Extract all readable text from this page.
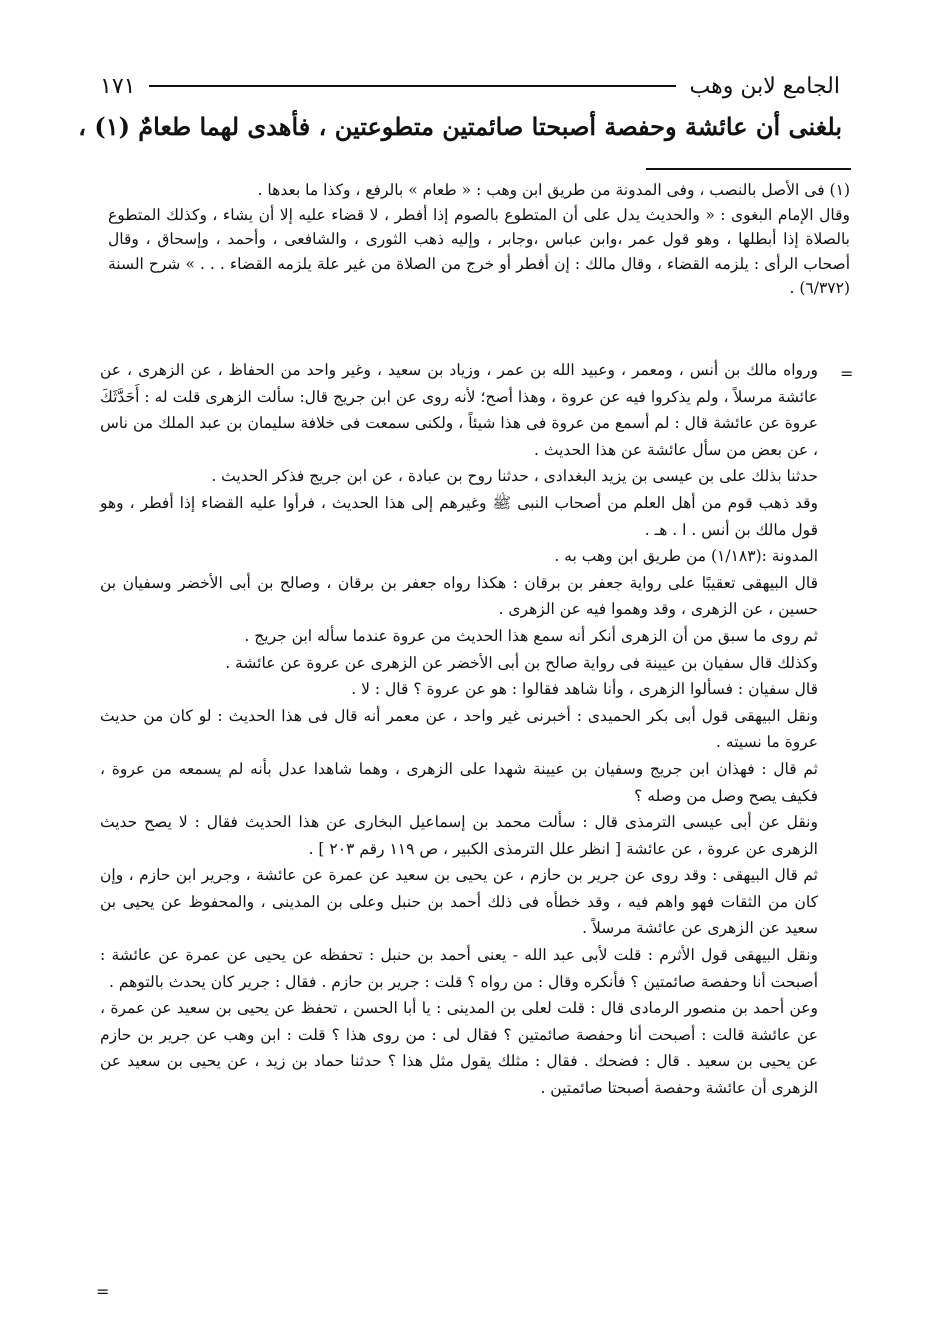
الجامع لابن وهب
١٧١
بلغنى أن عائشة وحفصة أصبحتا صائمتين متطوعتين ، فأهدى لهما طعامٌ (١) ،

(١) فى الأصل بالنصب ، وفى المدونة من طريق ابن وهب : « طعام » بالرفع ، وكذا ما بعدها .

وقال الإمام البغوى : « والحديث يدل على أن المتطوع بالصوم إذا أفطر ، لا قضاء عليه إلا أن يشاء ، وكذلك المتطوع بالصلاة إذا أبطلها ، وهو قول عمر ،وابن عباس ،وجابر ، وإليه ذهب الثورى ، والشافعى ، وأحمد ، وإسحاق ، وقال أصحاب الرأى : يلزمه القضاء ، وقال مالك : إن أفطر أو خرج من الصلاة من غير علة يلزمه القضاء . . . » شرح السنة (٦/٣٧٢) .

=

ورواه مالك بن أنس ، ومعمر ، وعبيد الله بن عمر ، وزياد بن سعيد ، وغير واحد من الحفاظ ، عن الزهرى ، عن عائشة مرسلاً ، ولم يذكروا فيه عن عروة ، وهذا أصح؛ لأنه روى عن ابن جريج قال: سألت الزهرى قلت له : أَحَدَّثَكَ عروة عن عائشة قال : لم أسمع من عروة فى هذا شيئاً ، ولكنى سمعت فى خلافة سليمان بن عبد الملك من ناس ، عن بعض من سأل عائشة عن هذا الحديث .

حدثنا بذلك على بن عيسى بن يزيد البغدادى ، حدثنا روح بن عبادة ، عن ابن جريج فذكر الحديث .

وقد ذهب قوم من أهل العلم من أصحاب النبى ﷺ وغيرهم إلى هذا الحديث ، فرأوا عليه القضاء إذا أفطر ، وهو قول مالك بن أنس . ا . هـ .

المدونة :(١/١٨٣) من طريق ابن وهب به .

قال البيهقى تعقيبًا على رواية جعفر بن برقان : هكذا رواه جعفر بن برقان ، وصالح بن أبى الأخضر وسفيان بن حسين ، عن الزهرى ، وقد وهموا فيه عن الزهرى .

ثم روى ما سبق من أن الزهرى أنكر أنه سمع هذا الحديث من عروة عندما سأله ابن جريج .

وكذلك قال سفيان بن عيينة فى رواية صالح بن أبى الأخضر عن الزهرى عن عروة عن عائشة .

قال سفيان : فسألوا الزهرى ، وأنا شاهد فقالوا : هو عن عروة ؟ قال : لا .

ونقل البيهقى قول أبى بكر الحميدى : أخبرنى غير واحد ، عن معمر أنه قال فى هذا الحديث : لو كان من حديث عروة ما نسيته .

ثم قال : فهذان ابن جريج وسفيان بن عيينة شهدا على الزهرى ، وهما شاهدا عدل بأنه لم يسمعه من عروة ، فكيف يصح وصل من وصله ؟

ونقل عن أبى عيسى الترمذى قال : سألت محمد بن إسماعيل البخارى عن هذا الحديث فقال : لا يصح حديث الزهرى عن عروة ، عن عائشة [ انظر علل الترمذى الكبير ، ص ١١٩ رقم ٢٠٣ ] .

ثم قال البيهقى : وقد روى عن جرير بن حازم ، عن يحيى بن سعيد عن عمرة عن عائشة ، وجرير ابن حازم ، وإن كان من الثقات فهو واهم فيه ، وقد خطأه فى ذلك أحمد بن حنبل وعلى بن المدينى ، والمحفوظ عن يحيى بن سعيد عن الزهرى عن عائشة مرسلاً .

ونقل البيهقى قول الأثرم : قلت لأبى عبد الله - يعنى أحمد بن حنبل : تحفظه عن يحيى عن عمرة عن عائشة : أصبحت أنا وحفصة صائمتين ؟ فأنكره وقال : من رواه ؟ قلت : جرير بن حازم . فقال : جرير كان يحدث بالتوهم .

وعن أحمد بن منصور الرمادى قال : قلت لعلى بن المدينى : يا أبا الحسن ، تحفظ عن يحيى بن سعيد عن عمرة ، عن عائشة قالت : أصبحت أنا وحفصة صائمتين ؟ فقال لى : من روى هذا ؟ قلت : ابن وهب عن جرير بن حازم عن يحيى بن سعيد . قال : فضحك . فقال : مثلك يقول مثل هذا ؟ حدثنا حماد بن زيد ، عن يحيى بن سعيد عن الزهرى أن عائشة وحفصة أصبحتا صائمتين .

=
